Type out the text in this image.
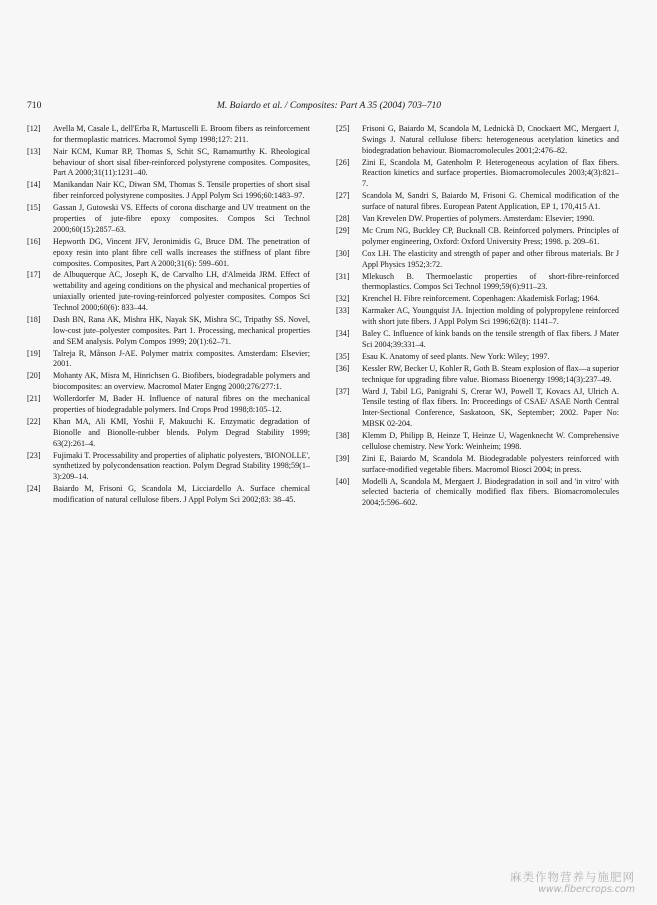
710	M. Baiardo et al. / Composites: Part A 35 (2004) 703–710
[12] Avella M, Casale L, dell'Erba R, Martuscelli E. Broom fibers as reinforcement for thermoplastic matrices. Macromol Symp 1998;127: 211.
[13] Nair KCM, Kumar RP, Thomas S, Schit SC, Ramamurthy K. Rheological behaviour of short sisal fiber-reinforced polystyrene composites. Composites, Part A 2000;31(11):1231–40.
[14] Manikandan Nair KC, Diwan SM, Thomas S. Tensile properties of short sisal fiber reinforced polystyrene composites. J Appl Polym Sci 1996;60:1483–97.
[15] Gassan J, Gutowski VS. Effects of corona discharge and UV treatment on the properties of jute-fibre epoxy composites. Compos Sci Technol 2000;60(15):2857–63.
[16] Hepworth DG, Vincent JFV, Jeronimidis G, Bruce DM. The penetration of epoxy resin into plant fibre cell walls increases the stiffness of plant fibre composites. Composites, Part A 2000;31(6): 599–601.
[17] de Albuquerque AC, Joseph K, de Carvalho LH, d'Almeida JRM. Effect of wettability and ageing conditions on the physical and mechanical properties of uniaxially oriented jute-roving-reinforced polyester composites. Compos Sci Technol 2000;60(6): 833–44.
[18] Dash BN, Rana AK, Mishra HK, Nayak SK, Mishra SC, Tripathy SS. Novel, low-cost jute–polyester composites. Part 1. Processing, mechanical properties and SEM analysis. Polym Compos 1999; 20(1):62–71.
[19] Talreja R, Månson J-AE. Polymer matrix composites. Amsterdam: Elsevier; 2001.
[20] Mohanty AK, Misra M, Hinrichsen G. Biofibers, biodegradable polymers and biocomposites: an overview. Macromol Mater Engng 2000;276/277:1.
[21] Wollerdorfer M, Bader H. Influence of natural fibres on the mechanical properties of biodegradable polymers. Ind Crops Prod 1998;8:105–12.
[22] Khan MA, Ali KMI, Yoshii F, Makuuchi K. Enzymatic degradation of Bionolle and Bionolle-rubber blends. Polym Degrad Stability 1999; 63(2):261–4.
[23] Fujimaki T. Processability and properties of aliphatic polyesters, 'BIONOLLE', synthetized by polycondensation reaction. Polym Degrad Stability 1998;59(1–3):209–14.
[24] Baiardo M, Frisoni G, Scandola M, Licciardello A. Surface chemical modification of natural cellulose fibers. J Appl Polym Sci 2002;83: 38–45.
[25] Frisoni G, Baiardo M, Scandola M, Lednickà D, Cnockaert MC, Mergaert J, Swings J. Natural cellulose fibers: heterogeneous acetylation kinetics and biodegradation behaviour. Biomacromolecules 2001;2:476–82.
[26] Zini E, Scandola M, Gatenholm P. Heterogeneous acylation of flax fibers. Reaction kinetics and surface properties. Biomacromolecules 2003;4(3):821–7.
[27] Scandola M, Sandri S, Baiardo M, Frisoni G. Chemical modification of the surface of natural fibres. European Patent Application, EP 1, 170,415 A1.
[28] Van Krevelen DW. Properties of polymers. Amsterdam: Elsevier; 1990.
[29] Mc Crum NG, Buckley CP, Bucknall CB. Reinforced polymers. Principles of polymer engineering, Oxford: Oxford University Press; 1998. p. 209–61.
[30] Cox LH. The elasticity and strength of paper and other fibrous materials. Br J Appl Physics 1952;3:72.
[31] Mlekusch B. Thermoelastic properties of short-fibre-reinforced thermoplastics. Compos Sci Technol 1999;59(6):911–23.
[32] Krenchel H. Fibre reinforcement. Copenhagen: Akademisk Forlag; 1964.
[33] Karmaker AC, Youngquist JA. Injection molding of polypropylene reinforced with short jute fibers. J Appl Polym Sci 1996;62(8): 1141–7.
[34] Baley C. Influence of kink bands on the tensile strength of flax fibers. J Mater Sci 2004;39:331–4.
[35] Esau K. Anatomy of seed plants. New York: Wiley; 1997.
[36] Kessler RW, Becker U, Kohler R, Goth B. Steam explosion of flax—a superior technique for upgrading fibre value. Biomass Bioenergy 1998;14(3):237–49.
[37] Ward J, Tabil LG, Panigrahi S, Crerar WJ, Powell T, Kovacs AJ, Ulrich A. Tensile testing of flax fibers. In: Proceedings of CSAE/ ASAE North Central Inter-Sectional Conference, Saskatoon, SK, September; 2002. Paper No: MBSK 02-204.
[38] Klemm D, Philipp B, Heinze T, Heinze U, Wagenknecht W. Comprehensive cellulose chemistry. New York: Weinheim; 1998.
[39] Zini E, Baiardo M, Scandola M. Biodegradable polyesters reinforced with surface-modified vegetable fibers. Macromol Biosci 2004; in press.
[40] Modelli A, Scandola M, Mergaert J. Biodegradation in soil and 'in vitro' with selected bacteria of chemically modified flax fibers. Biomacromolecules 2004;5:596–602.
麻类作物营养与施肥网
www.fibercrops.com
